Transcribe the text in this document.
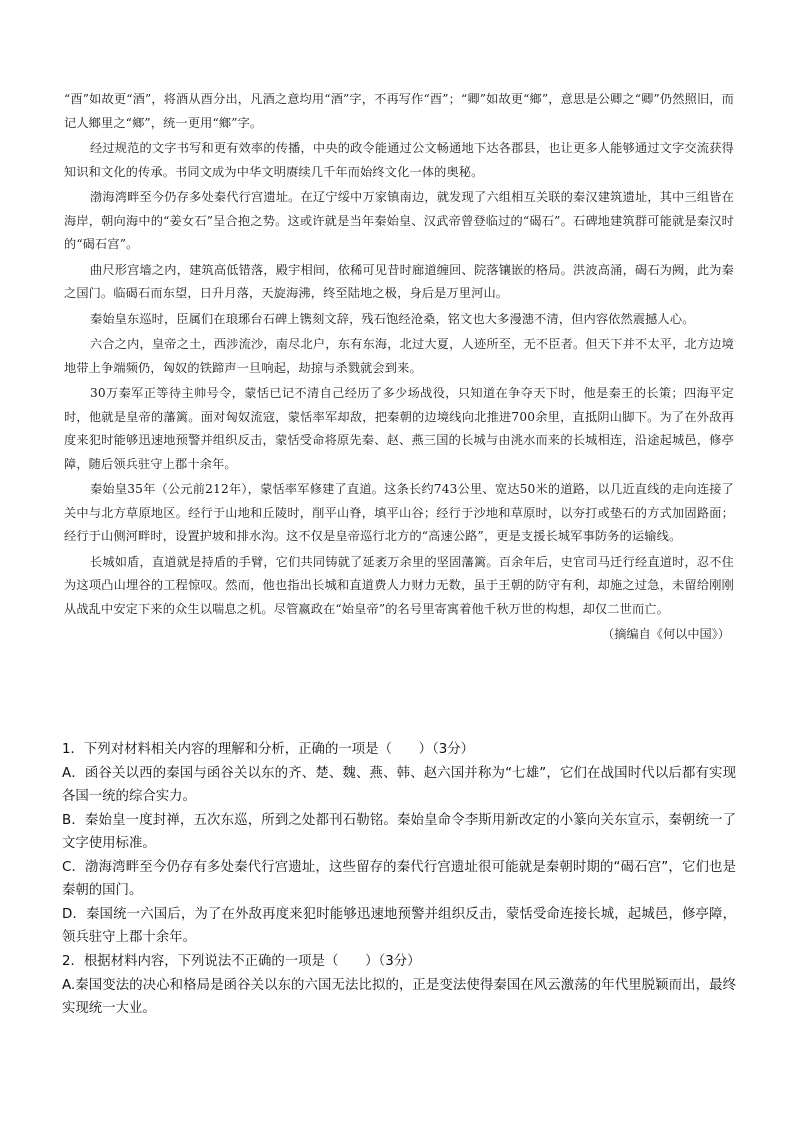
“酉”如故更“酒”，将酒从酉分出，凡酒之意均用“酒”字，不再写作“酉”；“卿”如故更“鄉”，意思是公卿之“卿”仍然照旧，而记人鄉里之“鄉”，统一更用“鄉”字。

经过规范的文字书写和更有效率的传播，中央的政令能通过公文畅通地下达各郡县，也让更多人能够通过文字交流获得知识和文化的传承。书同文成为中华文明赓续几千年而始终文化一体的奥秘。

渤海湾畔至今仍存多处秦代行宫遗址。在辽宁绥中万家镇南边，就发现了六组相互关联的秦汉建筑遗址，其中三组皆在海岸，朝向海中的“姜女石”呈合抱之势。这或许就是当年秦始皇、汉武帝曾登临过的“碣石”。石碑地建筑群可能就是秦汉时的“碣石宫”。

曲尺形宫墙之内，建筑高低错落，殿宇相间，依稀可见昔时廊道缠回、院落镶嵌的格局。洪波高涌，碣石为阙，此为秦之国门。临碣石而东望，日升月落，天旋海沸，终至陆地之极，身后是万里河山。

秦始皇东巡时，臣属们在琅琊台石碑上镌刻文辞，残石饱经沧桑，铭文也大多漫漶不清，但内容依然震撼人心。

六合之内，皇帝之土，西涉流沙，南尽北户，东有东海，北过大夏，人迹所至，无不臣者。但天下并不太平，北方边境地带上争端频仍，匈奴的铁蹄声一旦响起，劫掠与杀戮就会到来。

30万秦军正等待主帅号令，蒙恬已记不清自己经历了多少场战役，只知道在争夺天下时，他是秦王的长策；四海平定时，他就是皇帝的藩篱。面对匈奴流寇，蒙恬率军却敌，把秦朝的边境线向北推进700余里，直抵阴山脚下。为了在外敌再度来犯时能够迅速地预警并组织反击，蒙恬受命将原先秦、赵、燕三国的长城与由洮水而来的长城相连，沿途起城邑，修亭障，随后领兵驻守上郡十余年。

秦始皇35年（公元前212年），蒙恬率军修建了直道。这条长约743公里、宽达50米的道路，以几近直线的走向连接了关中与北方草原地区。经行于山地和丘陵时，削平山脊，填平山谷；经行于沙地和草原时，以夯打或垫石的方式加固路面；经行于山侧河畔时，设置护坡和排水沟。这不仅是皇帝巡行北方的“高速公路”，更是支援长城军事防务的运输线。

长城如盾，直道就是持盾的手臂，它们共同铸就了延袤万余里的坚固藩篱。百余年后，史官司马迁行经直道时，忍不住为这项凸山埋谷的工程惊叹。然而，他也指出长城和直道费人力财力无数，虽于王朝的防守有利，却施之过急，未留给刚刚从战乱中安定下来的众生以喘息之机。尽管嬴政在“始皇帝”的名号里寄寓着他千秋万世的构想，却仅二世而亡。

（摘编自《何以中国》）

1．下列对材料相关内容的理解和分析，正确的一项是（　　）（3分）

A．函谷关以西的秦国与函谷关以东的齐、楚、魏、燕、韩、赵六国并称为“七雄”，它们在战国时代以后都有实现各国一统的综合实力。

B．秦始皇一度封禅，五次东巡，所到之处都刊石勒铭。秦始皇命令李斯用新改定的小篆向关东宣示，秦朝统一了文字使用标准。

C．渤海湾畔至今仍存有多处秦代行宫遗址，这些留存的秦代行宫遗址很可能就是秦朝时期的“碣石宫”，它们也是秦朝的国门。

D．秦国统一六国后，为了在外敌再度来犯时能够迅速地预警并组织反击，蒙恬受命连接长城，起城邑，修亭障，领兵驻守上郡十余年。

2．根据材料内容，下列说法不正确的一项是（　　）（3分）

A.秦国变法的决心和格局是函谷关以东的六国无法比拟的，正是变法使得秦国在风云激荡的年代里脱颖而出，最终实现统一大业。
